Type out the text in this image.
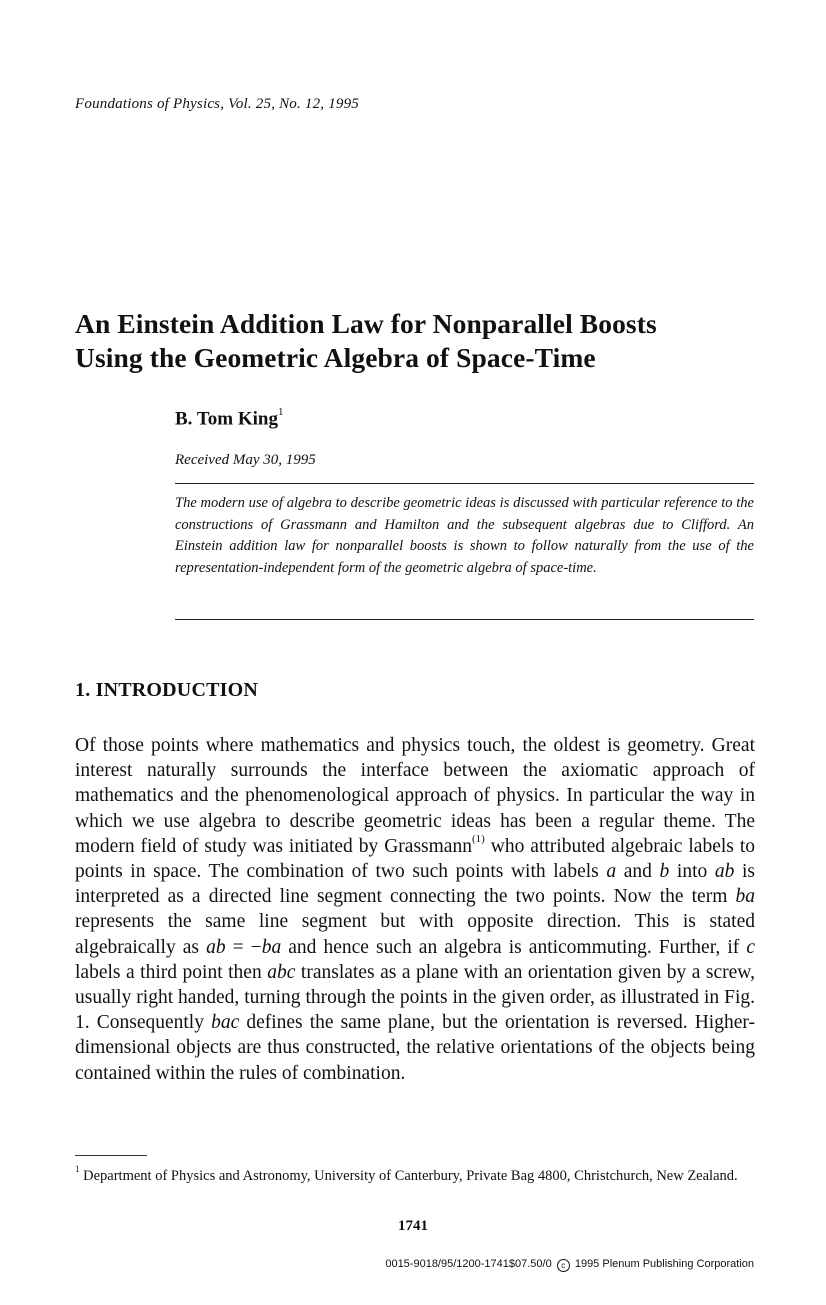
Foundations of Physics, Vol. 25, No. 12, 1995
An Einstein Addition Law for Nonparallel Boosts
Using the Geometric Algebra of Space-Time
B. Tom King$^1$
Received May 30, 1995
The modern use of algebra to describe geometric ideas is discussed with particular reference to the constructions of Grassmann and Hamilton and the subsequent algebras due to Clifford. An Einstein addition law for nonparallel boosts is shown to follow naturally from the use of the representation-independent form of the geometric algebra of space-time.
1. INTRODUCTION
Of those points where mathematics and physics touch, the oldest is geometry. Great interest naturally surrounds the interface between the axiomatic approach of mathematics and the phenomenological approach of physics. In particular the way in which we use algebra to describe geometric ideas has been a regular theme. The modern field of study was initiated by Grassmann$^{(1)}$ who attributed algebraic labels to points in space. The combination of two such points with labels a and b into ab is interpreted as a directed line segment connecting the two points. Now the term ba represents the same line segment but with opposite direction. This is stated algebraically as ab = −ba and hence such an algebra is anticommuting. Further, if c labels a third point then abc translates as a plane with an orientation given by a screw, usually right handed, turning through the points in the given order, as illustrated in Fig. 1. Consequently bac defines the same plane, but the orientation is reversed. Higher-dimensional objects are thus constructed, the relative orientations of the objects being contained within the rules of combination.
$^1$ Department of Physics and Astronomy, University of Canterbury, Private Bag 4800, Christchurch, New Zealand.
1741
0015-9018/95/1200-1741$07.50/0 c 1995 Plenum Publishing Corporation
